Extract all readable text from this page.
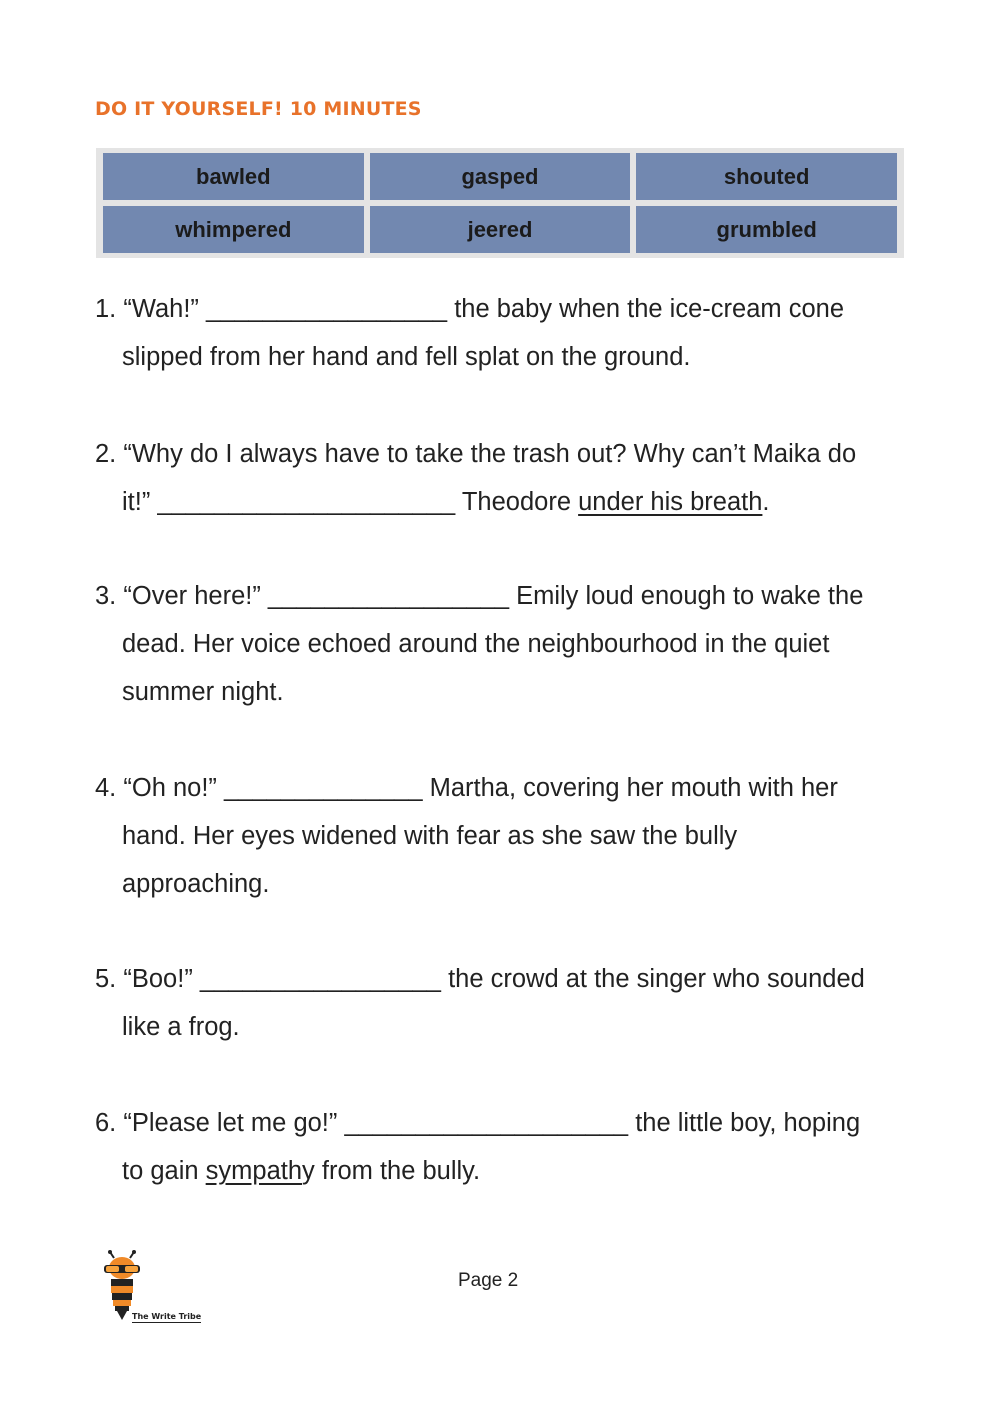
DO IT YOURSELF! 10 MINUTES
bawled	gasped	shouted
whimpered	jeered	grumbled

1. “Wah!” _________________ the baby when the ice-cream cone
slipped from her hand and fell splat on the ground.

2. “Why do I always have to take the trash out? Why can’t Maika do
it!” _____________________ Theodore under his breath.

3. “Over here!” _________________ Emily loud enough to wake the
dead. Her voice echoed around the neighbourhood in the quiet
summer night.

4. “Oh no!” ______________ Martha, covering her mouth with her
hand. Her eyes widened with fear as she saw the bully
approaching.

5. “Boo!” _________________ the crowd at the singer who sounded
like a frog.

6. “Please let me go!” ____________________ the little boy, hoping
to gain sympathy from the bully.

The Write Tribe
Page 2
